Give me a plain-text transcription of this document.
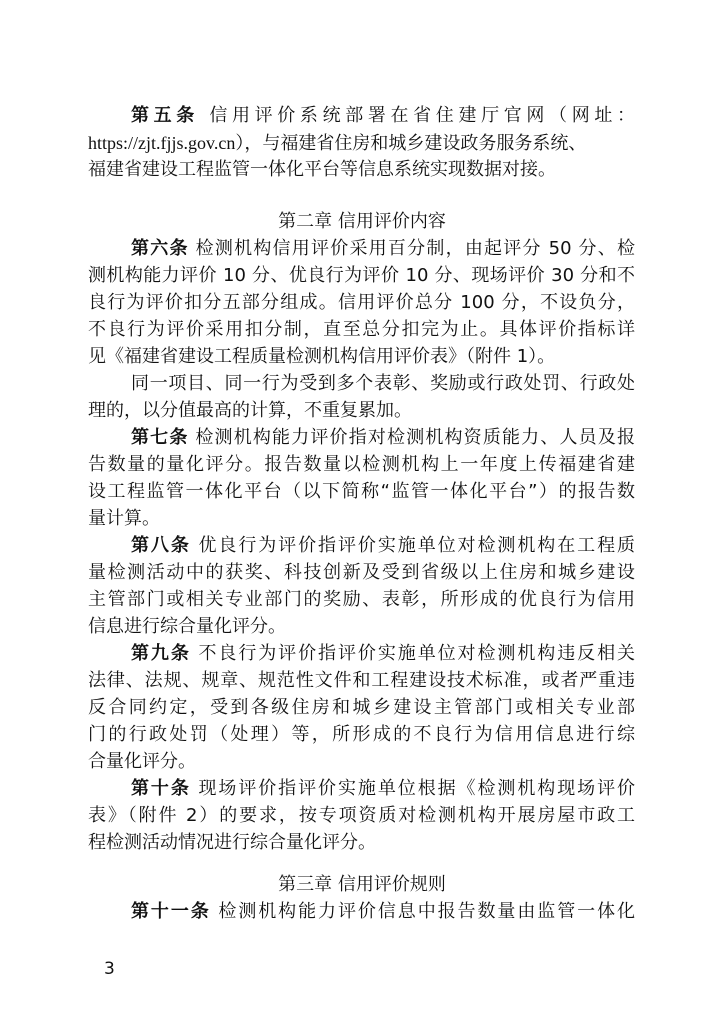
第五条 信用评价系统部署在省住建厅官网（网址：
https://zjt.fjjs.gov.cn），与福建省住房和城乡建设政务服务系统、
福建省建设工程监管一体化平台等信息系统实现数据对接。
第二章 信用评价内容
第六条 检测机构信用评价采用百分制，由起评分 50 分、检
测机构能力评价 10 分、优良行为评价 10 分、现场评价 30 分和不
良行为评价扣分五部分组成。信用评价总分 100 分，不设负分，
不良行为评价采用扣分制，直至总分扣完为止。具体评价指标详
见《福建省建设工程质量检测机构信用评价表》（附件 1）。
同一项目、同一行为受到多个表彰、奖励或行政处罚、行政处
理的，以分值最高的计算，不重复累加。
第七条 检测机构能力评价指对检测机构资质能力、人员及报
告数量的量化评分。报告数量以检测机构上一年度上传福建省建
设工程监管一体化平台（以下简称“监管一体化平台”）的报告数
量计算。
第八条 优良行为评价指评价实施单位对检测机构在工程质
量检测活动中的获奖、科技创新及受到省级以上住房和城乡建设
主管部门或相关专业部门的奖励、表彰，所形成的优良行为信用
信息进行综合量化评分。
第九条 不良行为评价指评价实施单位对检测机构违反相关
法律、法规、规章、规范性文件和工程建设技术标准，或者严重违
反合同约定，受到各级住房和城乡建设主管部门或相关专业部
门的行政处罚（处理）等，所形成的不良行为信用信息进行综
合量化评分。
第十条 现场评价指评价实施单位根据《检测机构现场评价
表》（附件 2）的要求，按专项资质对检测机构开展房屋市政工
程检测活动情况进行综合量化评分。
第三章 信用评价规则
第十一条 检测机构能力评价信息中报告数量由监管一体化
3
